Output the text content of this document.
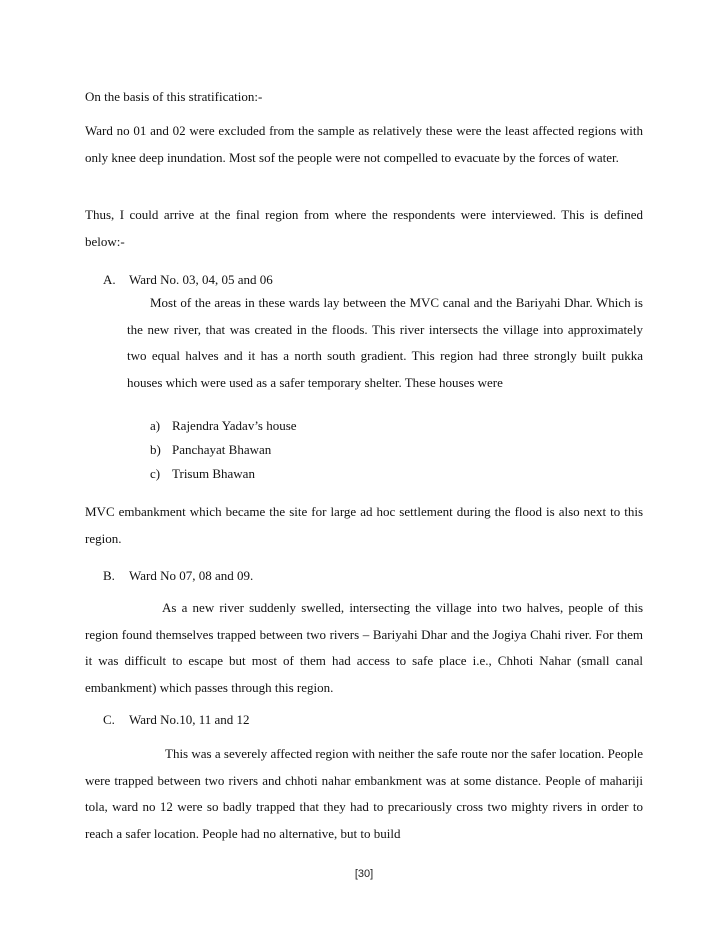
On the basis of this stratification:-

Ward no 01 and 02 were excluded from the sample as relatively these were the least affected regions with only knee deep inundation. Most sof the people were not compelled to evacuate by the forces of water.

Thus, I could arrive at the final region from where the respondents were interviewed. This is defined below:-

A. Ward No. 03, 04, 05 and 06

Most of the areas in these wards lay between the MVC canal and the Bariyahi Dhar. Which is the new river, that was created in the floods. This river intersects the village into approximately two equal halves and it has a north south gradient. This region had three strongly built pukka houses which were used as a safer temporary shelter. These houses were

a) Rajendra Yadav’s house
b) Panchayat Bhawan
c) Trisum Bhawan

MVC embankment which became the site for large ad hoc settlement during the flood is also next to this region.

B. Ward No 07, 08 and 09.

As a new river suddenly swelled, intersecting the village into two halves, people of this region found themselves trapped between two rivers – Bariyahi Dhar and the Jogiya Chahi river. For them it was difficult to escape but most of them had access to safe place i.e., Chhoti Nahar (small canal embankment) which passes through this region.

C. Ward No.10, 11 and 12

This was a severely affected region with neither the safe route nor the safer location. People were trapped between two rivers and chhoti nahar embankment was at some distance. People of mahariji tola, ward no 12 were so badly trapped that they had to precariously cross two mighty rivers in order to reach a safer location. People had no alternative, but to build

[30]
